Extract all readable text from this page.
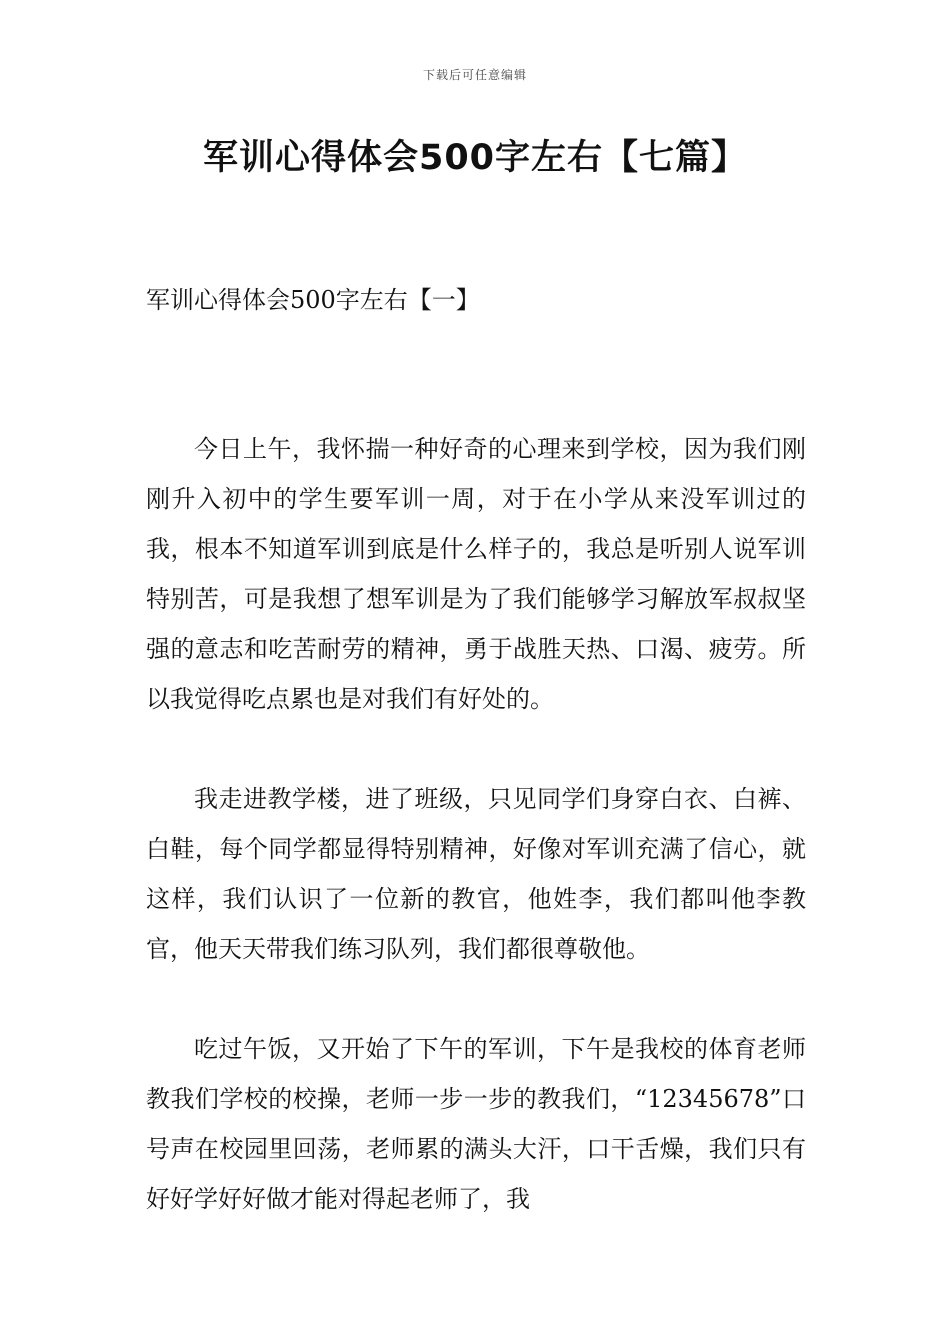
下载后可任意编辑
军训心得体会500字左右【七篇】
军训心得体会500字左右【一】

今日上午，我怀揣一种好奇的心理来到学校，因为我们刚刚升入初中的学生要军训一周，对于在小学从来没军训过的我，根本不知道军训到底是什么样子的，我总是听别人说军训特别苦，可是我想了想军训是为了我们能够学习解放军叔叔坚强的意志和吃苦耐劳的精神，勇于战胜天热、口渴、疲劳。所以我觉得吃点累也是对我们有好处的。

我走进教学楼，进了班级，只见同学们身穿白衣、白裤、白鞋，每个同学都显得特别精神，好像对军训充满了信心，就这样，我们认识了一位新的教官，他姓李，我们都叫他李教官，他天天带我们练习队列，我们都很尊敬他。

吃过午饭，又开始了下午的军训，下午是我校的体育老师教我们学校的校操，老师一步一步的教我们，“12345678”口号声在校园里回荡，老师累的满头大汗，口干舌燥，我们只有好好学好好做才能对得起老师了，我
